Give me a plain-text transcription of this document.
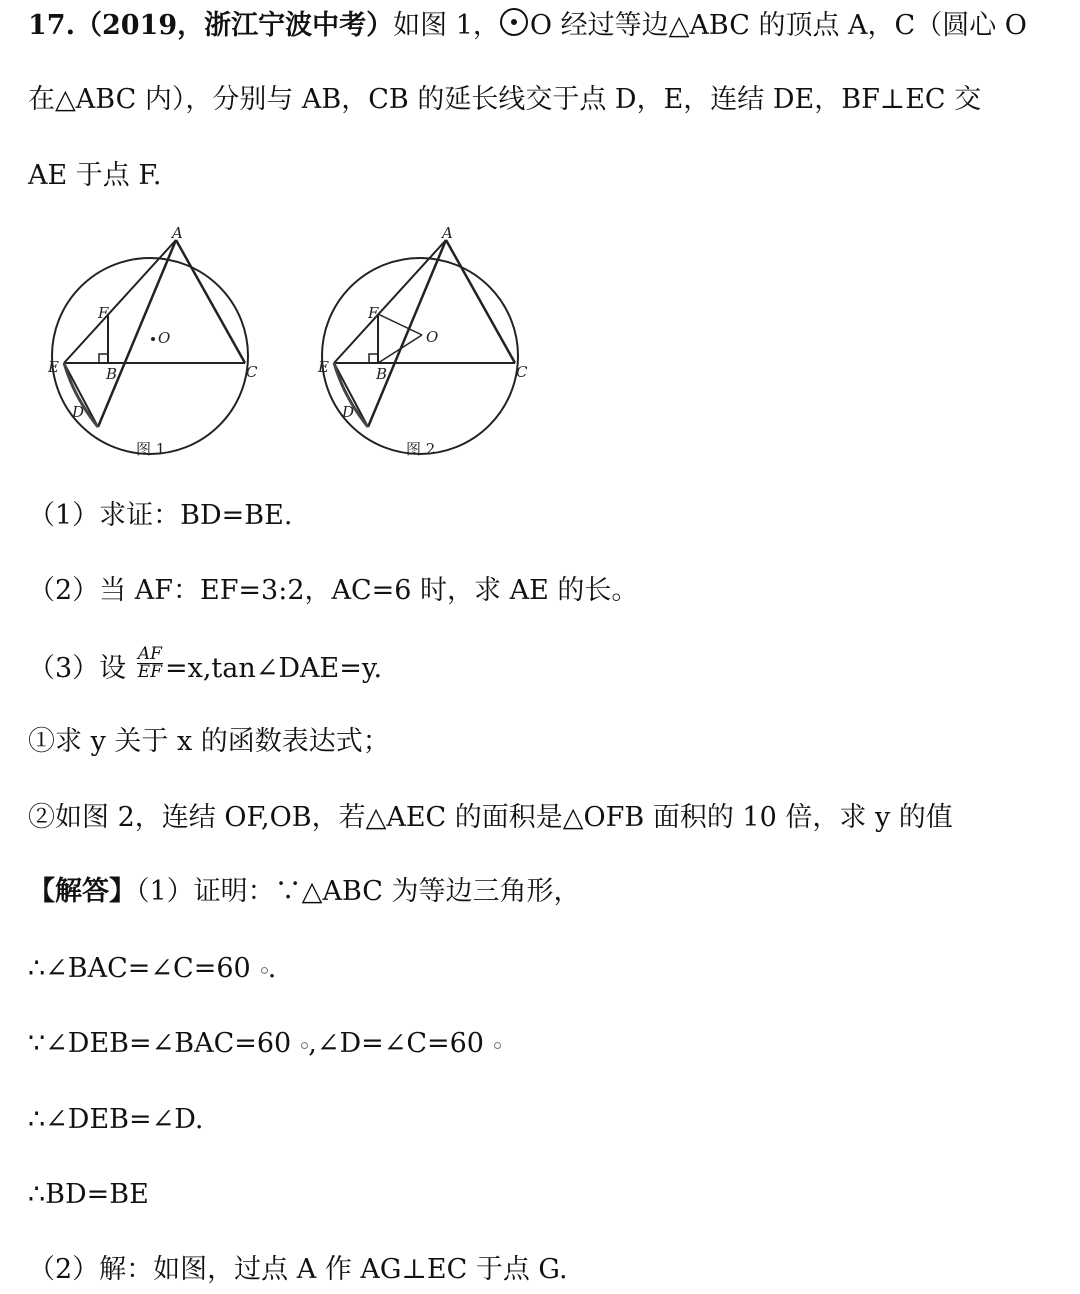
17.（2019，浙江宁波中考）如图 1， O 经过等边△ABC 的顶点 A，C（圆心 O
在△ABC 内），分别与 AB，CB 的延长线交于点 D，E，连结 DE，BF⊥EC 交
AE 于点 F.
A
C
E	B
D
F
O
图 1
A
C
E	B
D
F
O
图 2
（1）求证：BD=BE.
（2）当 AF：EF=3:2，AC=6 时，求 AE 的长。
（3）设 $\frac{AF}{EF}$ =x,tan∠DAE=y.
①求 y 关于 x 的函数表达式；
②如图 2，连结 OF,OB，若△AEC 的面积是△OFB 面积的 10 倍，求 y 的值
【解答】（1）证明：∵△ABC 为等边三角形，
∴∠BAC=∠C=60 .
∵∠DEB=∠BAC=60 ,∠D=∠C=60
∴∠DEB=∠D.
∴BD=BE
（2）解：如图，过点 A 作 AG⊥EC 于点 G.
